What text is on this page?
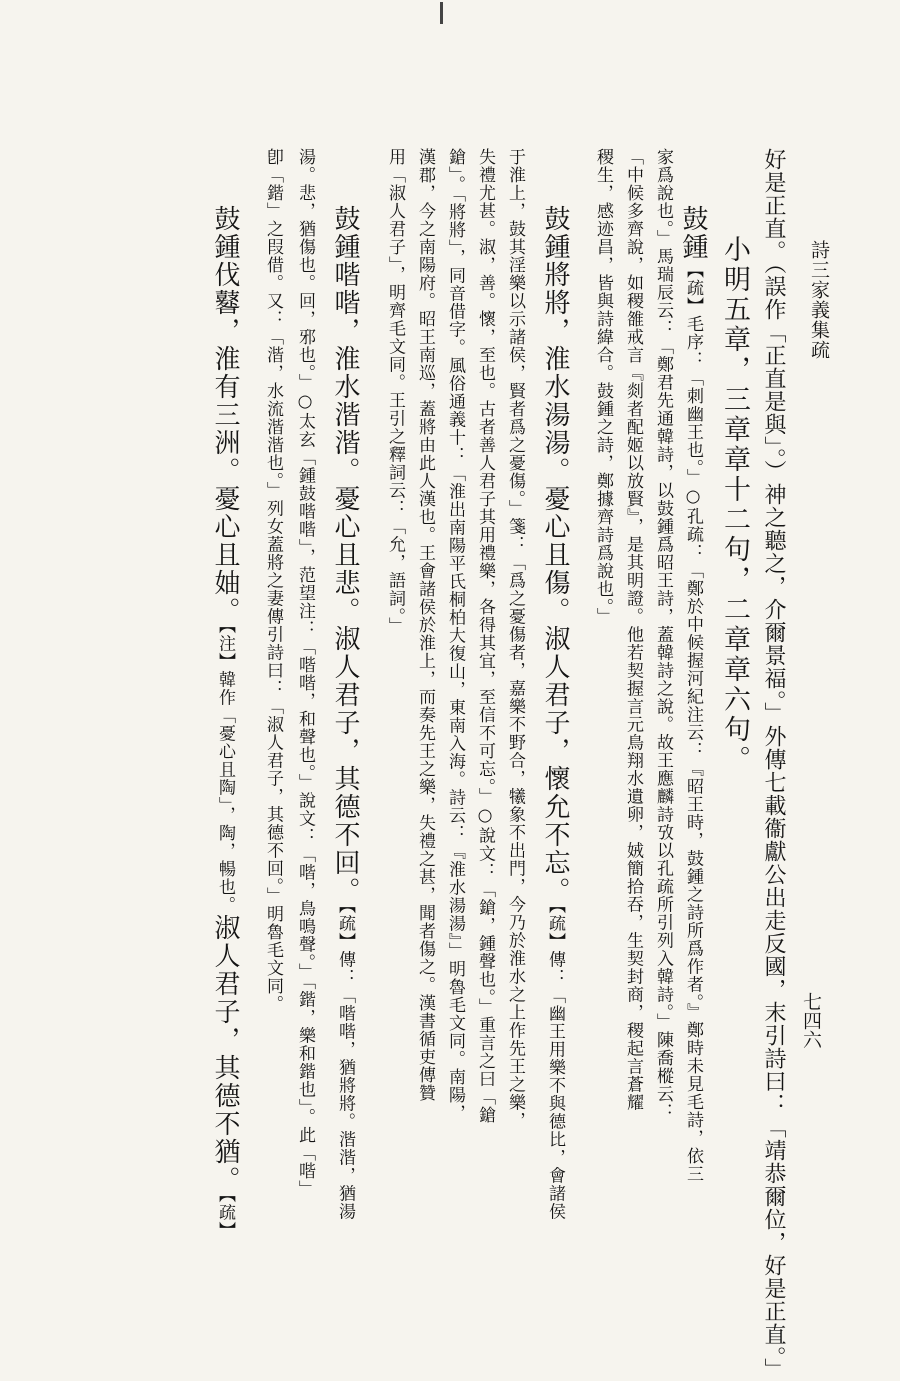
詩三家義集疏
七四六
好是正直。（誤作「正直是與」。）神之聽之，介爾景福。」外傳七載衞獻公出走反國，末引詩曰：「靖恭爾位，好是正直。」
小明五章，三章章十二句，二章章六句。
鼓鍾【疏】毛序：「刺幽王也。」○孔疏：「鄭於中候握河紀注云：『昭王時，鼓鍾之詩所爲作者。』鄭時未見毛詩，依三
家爲說也。」馬瑞辰云：「鄭君先通韓詩，以鼓鍾爲昭王詩，蓋韓詩之說。故王應麟詩攷以孔疏所引列入韓詩。」陳喬樅云：
「中候多齊說，如稷雒戒言『剡者配姬以放賢』，是其明證。他若契握言元鳥翔水遺卵，娀簡拾吞，生契封商，稷起言蒼耀
稷生，感迹昌，皆與詩緯合。鼓鍾之詩，鄭據齊詩爲說也。」
鼓鍾將將，淮水湯湯。憂心且傷。淑人君子，懷允不忘。【疏】傳：「幽王用樂不與德比，會諸侯
于淮上，鼓其淫樂以示諸侯，賢者爲之憂傷。」箋：「爲之憂傷者，嘉樂不野合，犧象不出門，今乃於淮水之上作先王之樂，
失禮尤甚。淑，善。懷，至也。古者善人君子其用禮樂，各得其宜，至信不可忘。」○說文：「鎗，鍾聲也。」重言之曰「鎗
鎗」。「將將」，同音借字。風俗通義十：「淮出南陽平氏桐柏大復山，東南入海。詩云：『淮水湯湯』」明魯毛文同。南陽，
漢郡，今之南陽府。昭王南巡，蓋將由此人漢也。王會諸侯於淮上，而奏先王之樂，失禮之甚，聞者傷之。漢書循吏傳贊
用「淑人君子」，明齊毛文同。王引之釋詞云：「允，語詞。」
鼓鍾喈喈，淮水湝湝。憂心且悲。淑人君子，其德不回。【疏】傳：「喈喈，猶將將。湝湝，猶湯
湯。悲，猶傷也。回，邪也。」○太玄「鍾鼓喈喈」，范望注：「喈喈，和聲也。」說文：「喈，鳥鳴聲。」「鍇，樂和鍇也」。此「喈」
卽「鍇」之叚借。又：「湝，水流湝湝也。」列女蓋將之妻傳引詩曰：「淑人君子，其德不回。」明魯毛文同。
鼓鍾伐鼛，淮有三洲。憂心且妯。【注】韓作「憂心且陶」，陶，暢也。淑人君子，其德不猶。【疏】
